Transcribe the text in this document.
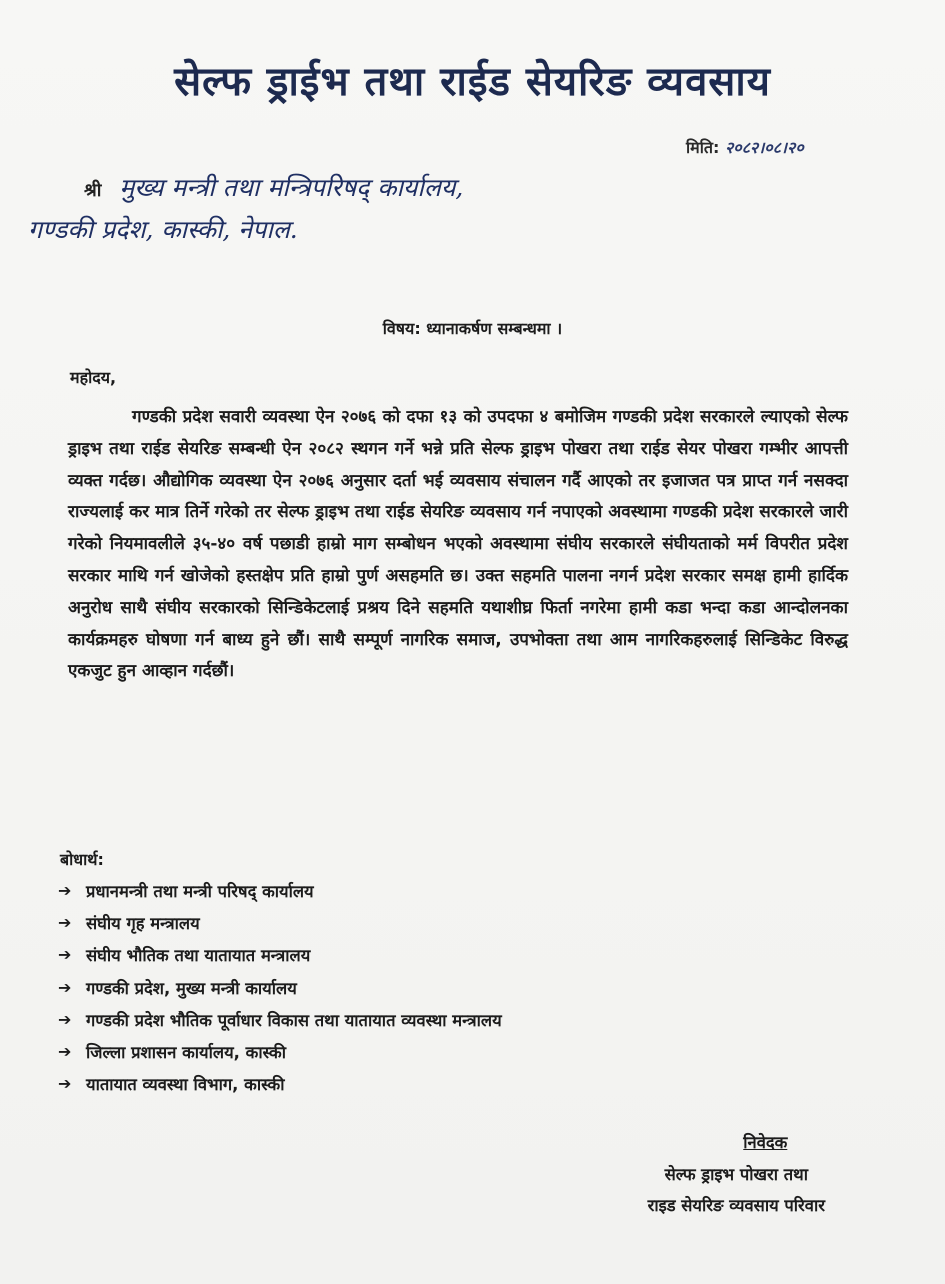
सेल्फ ड्राईभ तथा राईड सेयरिङ व्यवसाय
मिति: २०८२।०८।२०
श्री मुख्य मन्त्री तथा मन्त्रिपरिषद् कार्यालय,
गण्डकी प्रदेश, कास्की, नेपाल.
विषय: ध्यानाकर्षण सम्बन्धमा ।
महोदय,

गण्डकी प्रदेश सवारी व्यवस्था ऐन २०७६ को दफा १३ को उपदफा ४ बमोजिम गण्डकी प्रदेश सरकारले ल्याएको सेल्फ ड्राइभ तथा राईड सेयरिङ सम्बन्धी ऐन २०८२ स्थगन गर्ने भन्ने प्रति सेल्फ ड्राइभ पोखरा तथा राईड सेयर पोखरा गम्भीर आपत्ती व्यक्त गर्दछ। औद्योगिक व्यवस्था ऐन २०७६ अनुसार दर्ता भई व्यवसाय संचालन गर्दै आएको तर इजाजत पत्र प्राप्त गर्न नसक्दा राज्यलाई कर मात्र तिर्ने गरेको तर सेल्फ ड्राइभ तथा राईड सेयरिङ व्यवसाय गर्न नपाएको अवस्थामा गण्डकी प्रदेश सरकारले जारी गरेको नियमावलीले ३५-४० वर्ष पछाडी हाम्रो माग सम्बोधन भएको अवस्थामा संघीय सरकारले संघीयताको मर्म विपरीत प्रदेश सरकार माथि गर्न खोजेको हस्तक्षेप प्रति हाम्रो पुर्ण असहमति छ। उक्त सहमति पालना नगर्न प्रदेश सरकार समक्ष हामी हार्दिक अनुरोध साथै संघीय सरकारको सिन्डिकेटलाई प्रश्रय दिने सहमति यथाशीघ्र फिर्ता नगरेमा हामी कडा भन्दा कडा आन्दोलनका कार्यक्रमहरु घोषणा गर्न बाध्य हुने छौं। साथै सम्पूर्ण नागरिक समाज, उपभोक्ता तथा आम नागरिकहरुलाई सिन्डिकेट विरुद्ध एकजुट हुन आव्हान गर्दछौं।

बोधार्थ:
➔ प्रधानमन्त्री तथा मन्त्री परिषद् कार्यालय
➔ संघीय गृह मन्त्रालय
➔ संघीय भौतिक तथा यातायात मन्त्रालय
➔ गण्डकी प्रदेश, मुख्य मन्त्री कार्यालय
➔ गण्डकी प्रदेश भौतिक पूर्वाधार विकास तथा यातायात व्यवस्था मन्त्रालय
➔ जिल्ला प्रशासन कार्यालय, कास्की
➔ यातायात व्यवस्था विभाग, कास्की
निवेदक
सेल्फ ड्राइभ पोखरा तथा
राइड सेयरिङ व्यवसाय परिवार
